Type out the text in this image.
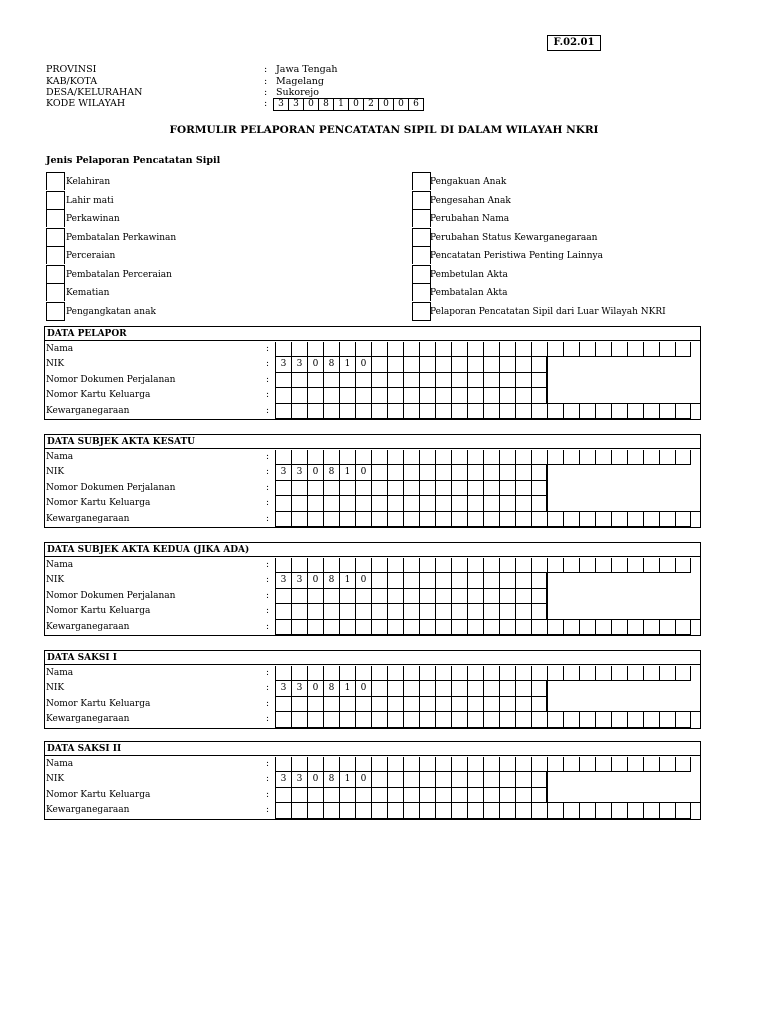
F.02.01
PROVINSI	: Jawa Tengah
KAB/KOTA	: Magelang
DESA/KELURAHAN	: Sukorejo
KODE WILAYAH	:	3	3	0	8	1	0	2	0	0	6
FORMULIR PELAPORAN PENCATATAN SIPIL DI DALAM WILAYAH NKRI
Jenis Pelaporan Pencatatan Sipil
Kelahiran
Lahir mati
Perkawinan
Pembatalan Perkawinan
Perceraian
Pembatalan Perceraian
Kematian
Pengangkatan anak
Pengakuan Anak
Pengesahan Anak
Perubahan Nama
Perubahan Status Kewarganegaraan
Pencatatan Peristiwa Penting Lainnya
Pembetulan Akta
Pembatalan Akta
Pelaporan Pencatatan Sipil dari Luar Wilayah NKRI
DATA PELAPOR
Nama	:
NIK	:	3	3	0	8	1	0
Nomor Dokumen Perjalanan	:
Nomor Kartu Keluarga	:
Kewarganegaraan	:
DATA SUBJEK AKTA KESATU
Nama	:
NIK	:	3	3	0	8	1	0
Nomor Dokumen Perjalanan	:
Nomor Kartu Keluarga	:
Kewarganegaraan	:
DATA SUBJEK AKTA KEDUA (JIKA ADA)
Nama	:
NIK	:	3	3	0	8	1	0
Nomor Dokumen Perjalanan	:
Nomor Kartu Keluarga	:
Kewarganegaraan	:
DATA SAKSI I
Nama	:
NIK	:	3	3	0	8	1	0
Nomor Kartu Keluarga	:
Kewarganegaraan	:
DATA SAKSI II
Nama	:
NIK	:	3	3	0	8	1	0
Nomor Kartu Keluarga	:
Kewarganegaraan	:
